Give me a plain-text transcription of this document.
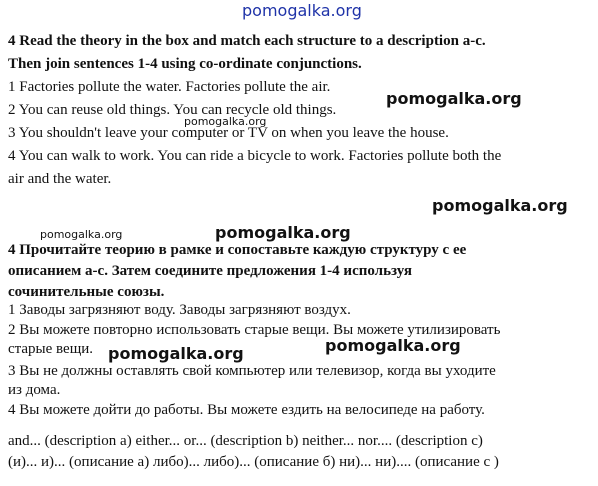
pomogalka.org
pomogalka.org
pomogalka.org
pomogalka.org
pomogalka.org	pomogalka.org
pomogalka.org	pomogalka.org
4 Read the theory in the box and match each structure to a description a-c.
Then join sentences 1-4 using co-ordinate conjunctions.
1 Factories pollute the water. Factories pollute the air.
2 You can reuse old things. You can recycle old things.
3 You shouldn't leave your computer or TV on when you leave the house.
4 You can walk to work. You can ride a bicycle to work. Factories pollute both the
air and the water.
4 Прочитайте теорию в рамке и сопоставьте каждую структуру с ее
описанием a-c. Затем соедините предложения 1-4 используя
сочинительные союзы.
1 Заводы загрязняют воду. Заводы загрязняют воздух.
2 Вы можете повторно использовать старые вещи. Вы можете утилизировать
старые вещи.
3 Вы не должны оставлять свой компьютер или телевизор, когда вы уходите
из дома.
4 Вы можете дойти до работы. Вы можете ездить на велосипеде на работу.
and... (description a) either... or... (description b) neither... nor.... (description c)
(и)... и)... (описание а) либо)... либо)... (описание б) ни)... ни).... (описание с )
